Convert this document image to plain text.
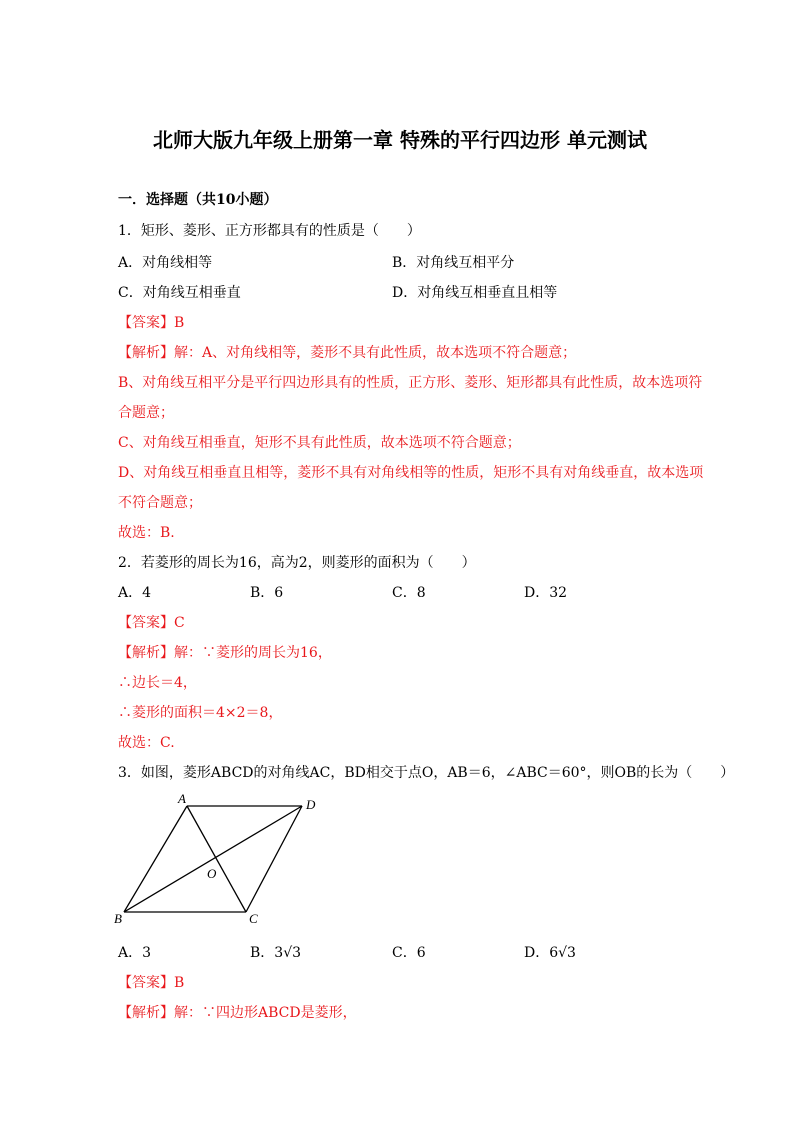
北师大版九年级上册第一章 特殊的平行四边形 单元测试
一．选择题（共10小题）
1．矩形、菱形、正方形都具有的性质是（　　）
A．对角线相等	B．对角线互相平分
C．对角线互相垂直	D．对角线互相垂直且相等
【答案】B
【解析】解：A、对角线相等，菱形不具有此性质，故本选项不符合题意；
B、对角线互相平分是平行四边形具有的性质，正方形、菱形、矩形都具有此性质，故本选项符
合题意；
C、对角线互相垂直，矩形不具有此性质，故本选项不符合题意；
D、对角线互相垂直且相等，菱形不具有对角线相等的性质，矩形不具有对角线垂直，故本选项
不符合题意；
故选：B.
2．若菱形的周长为16，高为2，则菱形的面积为（　　）
A．4	B．6	C．8	D．32
【答案】C
【解析】解：∵菱形的周长为16，
∴边长＝4，
∴菱形的面积＝4×2＝8，
故选：C.
3．如图，菱形ABCD的对角线AC，BD相交于点O，AB＝6，∠ABC＝60°，则OB的长为（　　）
A	D
B	C
O
A．3	B．3√3	C．6	D．6√3
【答案】B
【解析】解：∵四边形ABCD是菱形，
